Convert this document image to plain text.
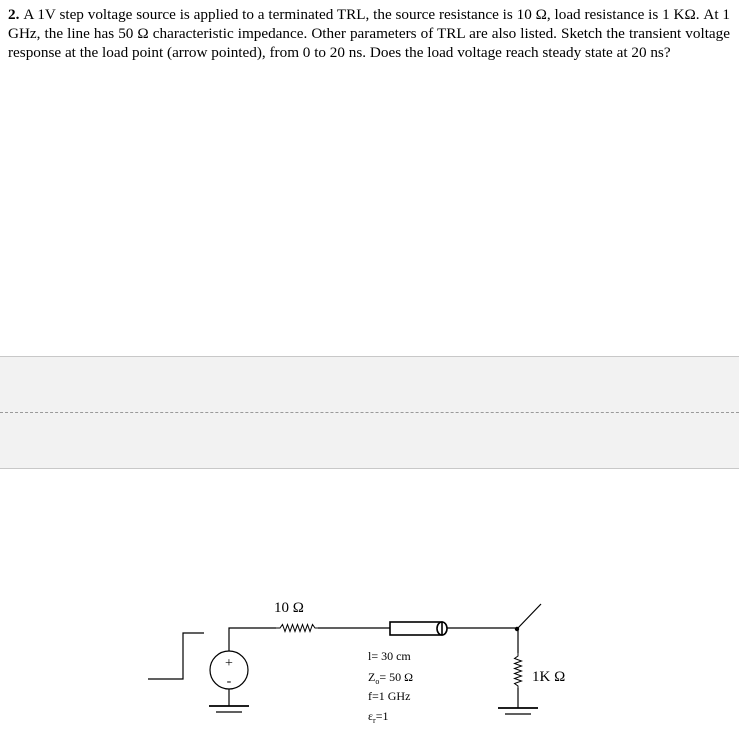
2. A 1V step voltage source is applied to a terminated TRL, the source resistance is 10 Ω, load resistance is 1 KΩ. At 1 GHz, the line has 50 Ω characteristic impedance. Other parameters of TRL are also listed. Sketch the transient voltage response at the load point (arrow pointed), from 0 to 20 ns. Does the load voltage reach steady state at 20 ns?
+
-
10 Ω
1K Ω
l= 30 cm
$Z_o= 50$ Ω
f=1 GHz
$\varepsilon_r=1$
